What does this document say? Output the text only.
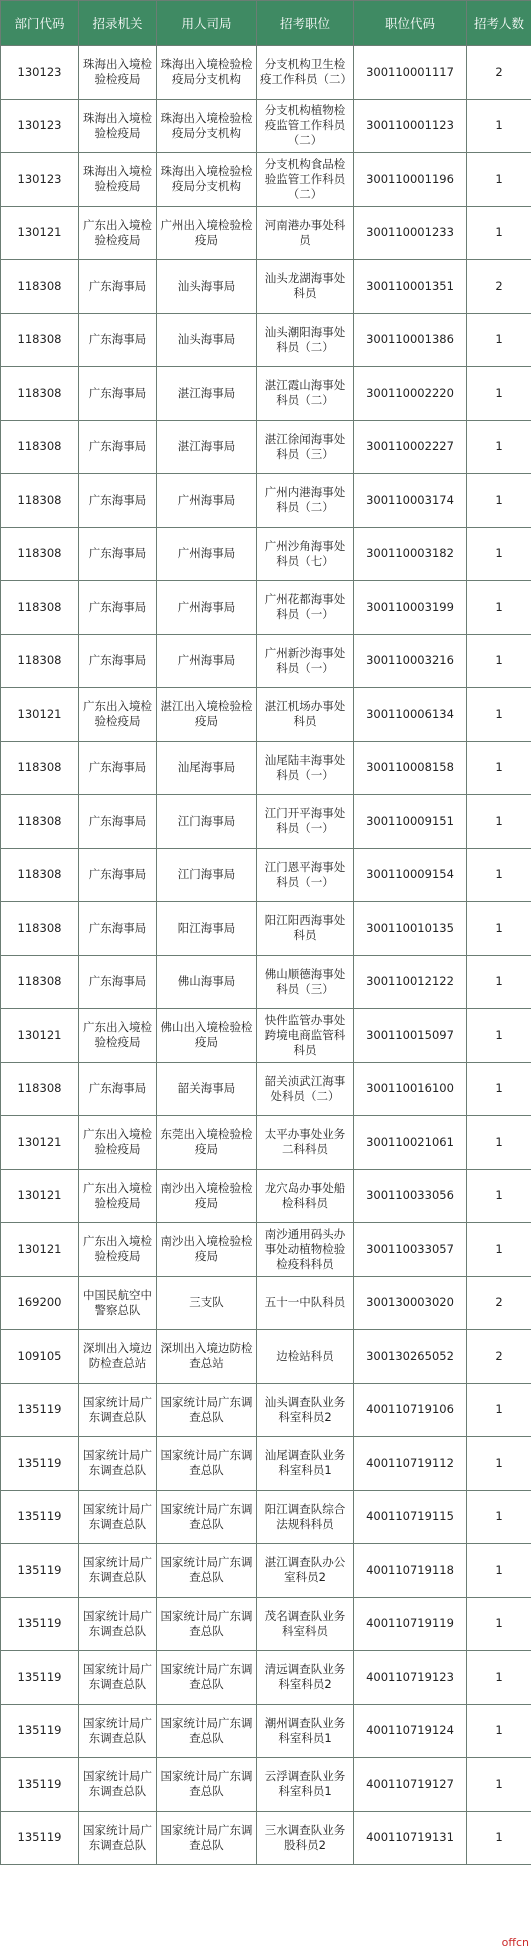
部门代码	招录机关	用人司局	招考职位	职位代码	招考人数
130123	珠海出入境检验检疫局	珠海出入境检验检疫局分支机构	分支机构卫生检疫工作科员（二）	300110001117	2
130123	珠海出入境检验检疫局	珠海出入境检验检疫局分支机构	分支机构植物检疫监管工作科员（二）	300110001123	1
130123	珠海出入境检验检疫局	珠海出入境检验检疫局分支机构	分支机构食品检验监管工作科员（二）	300110001196	1
130121	广东出入境检验检疫局	广州出入境检验检疫局	河南港办事处科员	300110001233	1
118308	广东海事局	汕头海事局	汕头龙湖海事处科员	300110001351	2
118308	广东海事局	汕头海事局	汕头潮阳海事处科员（二）	300110001386	1
118308	广东海事局	湛江海事局	湛江霞山海事处科员（二）	300110002220	1
118308	广东海事局	湛江海事局	湛江徐闻海事处科员（三）	300110002227	1
118308	广东海事局	广州海事局	广州内港海事处科员（二）	300110003174	1
118308	广东海事局	广州海事局	广州沙角海事处科员（七）	300110003182	1
118308	广东海事局	广州海事局	广州花都海事处科员（一）	300110003199	1
118308	广东海事局	广州海事局	广州新沙海事处科员（一）	300110003216	1
130121	广东出入境检验检疫局	湛江出入境检验检疫局	湛江机场办事处科员	300110006134	1
118308	广东海事局	汕尾海事局	汕尾陆丰海事处科员（一）	300110008158	1
118308	广东海事局	江门海事局	江门开平海事处科员（一）	300110009151	1
118308	广东海事局	江门海事局	江门恩平海事处科员（一）	300110009154	1
118308	广东海事局	阳江海事局	阳江阳西海事处科员	300110010135	1
118308	广东海事局	佛山海事局	佛山顺德海事处科员（三）	300110012122	1
130121	广东出入境检验检疫局	佛山出入境检验检疫局	快件监管办事处跨境电商监管科科员	300110015097	1
118308	广东海事局	韶关海事局	韶关浈武江海事处科员（二）	300110016100	1
130121	广东出入境检验检疫局	东莞出入境检验检疫局	太平办事处业务二科科员	300110021061	1
130121	广东出入境检验检疫局	南沙出入境检验检疫局	龙穴岛办事处船检科科员	300110033056	1
130121	广东出入境检验检疫局	南沙出入境检验检疫局	南沙通用码头办事处动植物检验检疫科科员	300110033057	1
169200	中国民航空中警察总队	三支队	五十一中队科员	300130003020	2
109105	深圳出入境边防检查总站	深圳出入境边防检查总站	边检站科员	300130265052	2
135119	国家统计局广东调查总队	国家统计局广东调查总队	汕头调查队业务科室科员2	400110719106	1
135119	国家统计局广东调查总队	国家统计局广东调查总队	汕尾调查队业务科室科员1	400110719112	1
135119	国家统计局广东调查总队	国家统计局广东调查总队	阳江调查队综合法规科科员	400110719115	1
135119	国家统计局广东调查总队	国家统计局广东调查总队	湛江调查队办公室科员2	400110719118	1
135119	国家统计局广东调查总队	国家统计局广东调查总队	茂名调查队业务科室科员	400110719119	1
135119	国家统计局广东调查总队	国家统计局广东调查总队	清远调查队业务科室科员2	400110719123	1
135119	国家统计局广东调查总队	国家统计局广东调查总队	潮州调查队业务科室科员1	400110719124	1
135119	国家统计局广东调查总队	国家统计局广东调查总队	云浮调查队业务科室科员1	400110719127	1
135119	国家统计局广东调查总队	国家统计局广东调查总队	三水调查队业务股科员2	400110719131	1
offcn
